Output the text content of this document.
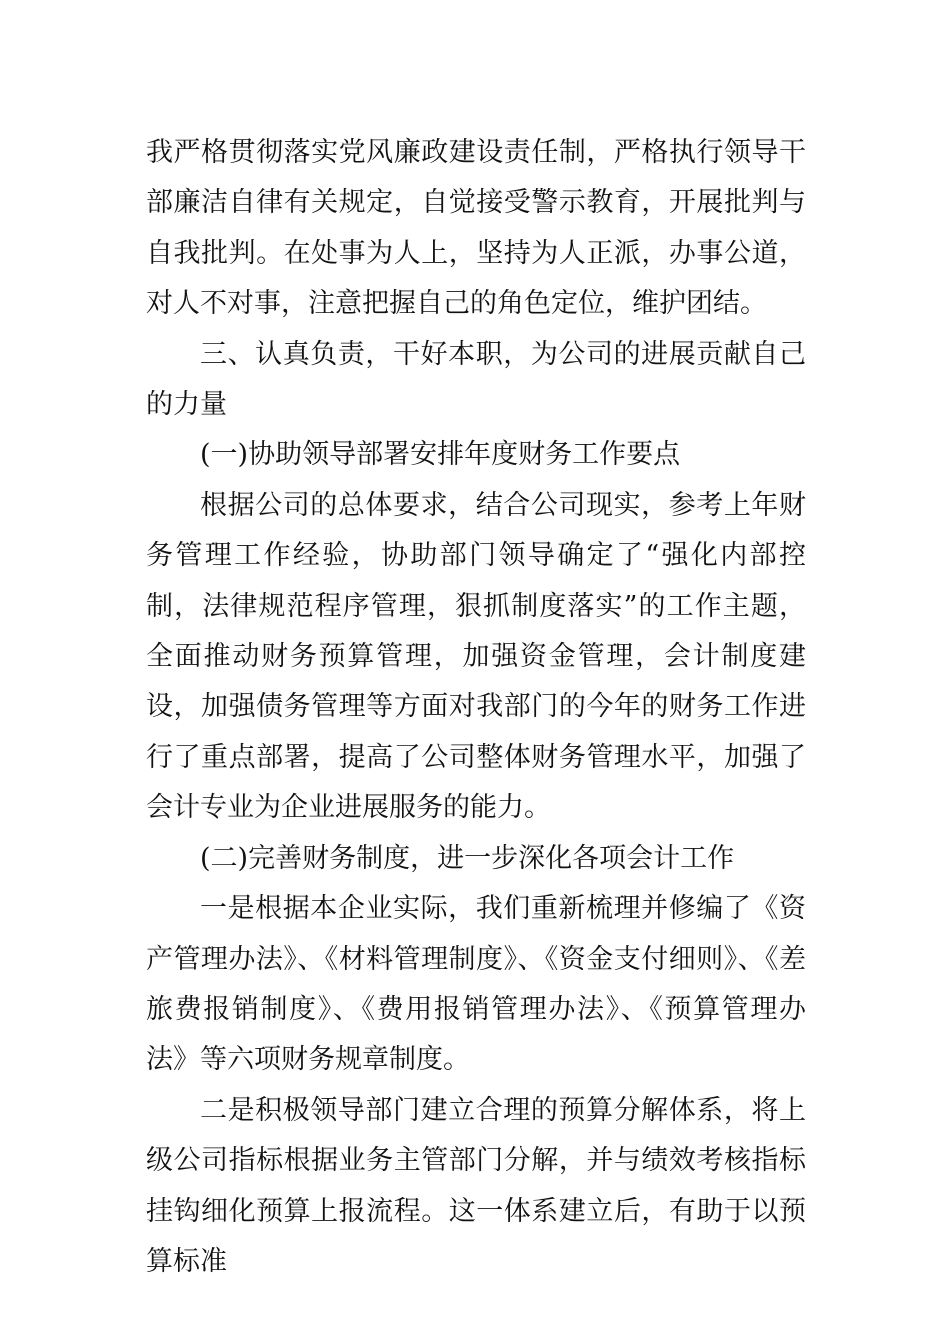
我严格贯彻落实党风廉政建设责任制，严格执行领导干部廉洁自律有关规定，自觉接受警示教育，开展批判与自我批判。在处事为人上，坚持为人正派，办事公道，对人不对事，注意把握自己的角色定位，维护团结。

三、认真负责，干好本职，为公司的进展贡献自己的力量

(一)协助领导部署安排年度财务工作要点

根据公司的总体要求，结合公司现实，参考上年财务管理工作经验，协助部门领导确定了“强化内部控制，法律规范程序管理，狠抓制度落实”的工作主题，全面推动财务预算管理，加强资金管理，会计制度建设，加强债务管理等方面对我部门的今年的财务工作进行了重点部署，提高了公司整体财务管理水平，加强了会计专业为企业进展服务的能力。

(二)完善财务制度，进一步深化各项会计工作

一是根据本企业实际，我们重新梳理并修编了《资产管理办法》、《材料管理制度》、《资金支付细则》、《差旅费报销制度》、《费用报销管理办法》、《预算管理办法》等六项财务规章制度。

二是积极领导部门建立合理的预算分解体系，将上级公司指标根据业务主管部门分解，并与绩效考核指标挂钩细化预算上报流程。这一体系建立后，有助于以预算标准
